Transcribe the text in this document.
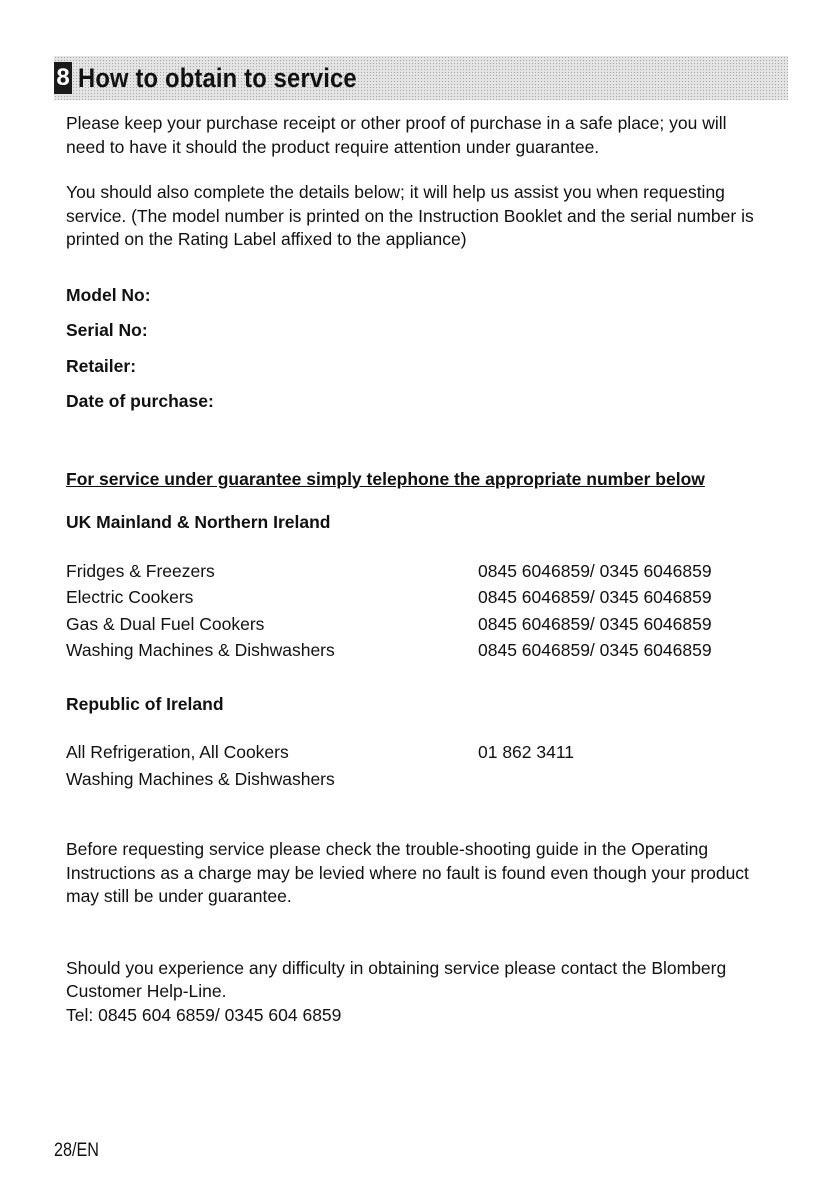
8 How to obtain to service

Please keep your purchase receipt or other proof of purchase in a safe place; you will need to have it should the product require attention under guarantee.

You should also complete the details below; it will help us assist you when requesting service. (The model number is printed on the Instruction Booklet and the serial number is printed on the Rating Label affixed to the appliance)

Model No:

Serial No:

Retailer:

Date of purchase:

For service under guarantee simply telephone the appropriate number below

UK Mainland & Northern Ireland

Fridges & Freezers	0845 6046859/ 0345 6046859
Electric Cookers	0845 6046859/ 0345 6046859
Gas & Dual Fuel Cookers	0845 6046859/ 0345 6046859
Washing Machines & Dishwashers	0845 6046859/ 0345 6046859

Republic of Ireland

All Refrigeration, All Cookers	01 862 3411
Washing Machines & Dishwashers

Before requesting service please check the trouble-shooting guide in the Operating Instructions as a charge may be levied where no fault is found even though your product may still be under guarantee.

Should you experience any difficulty in obtaining service please contact the Blomberg Customer Help-Line.

Tel: 0845 604 6859/ 0345 604 6859

28/EN
